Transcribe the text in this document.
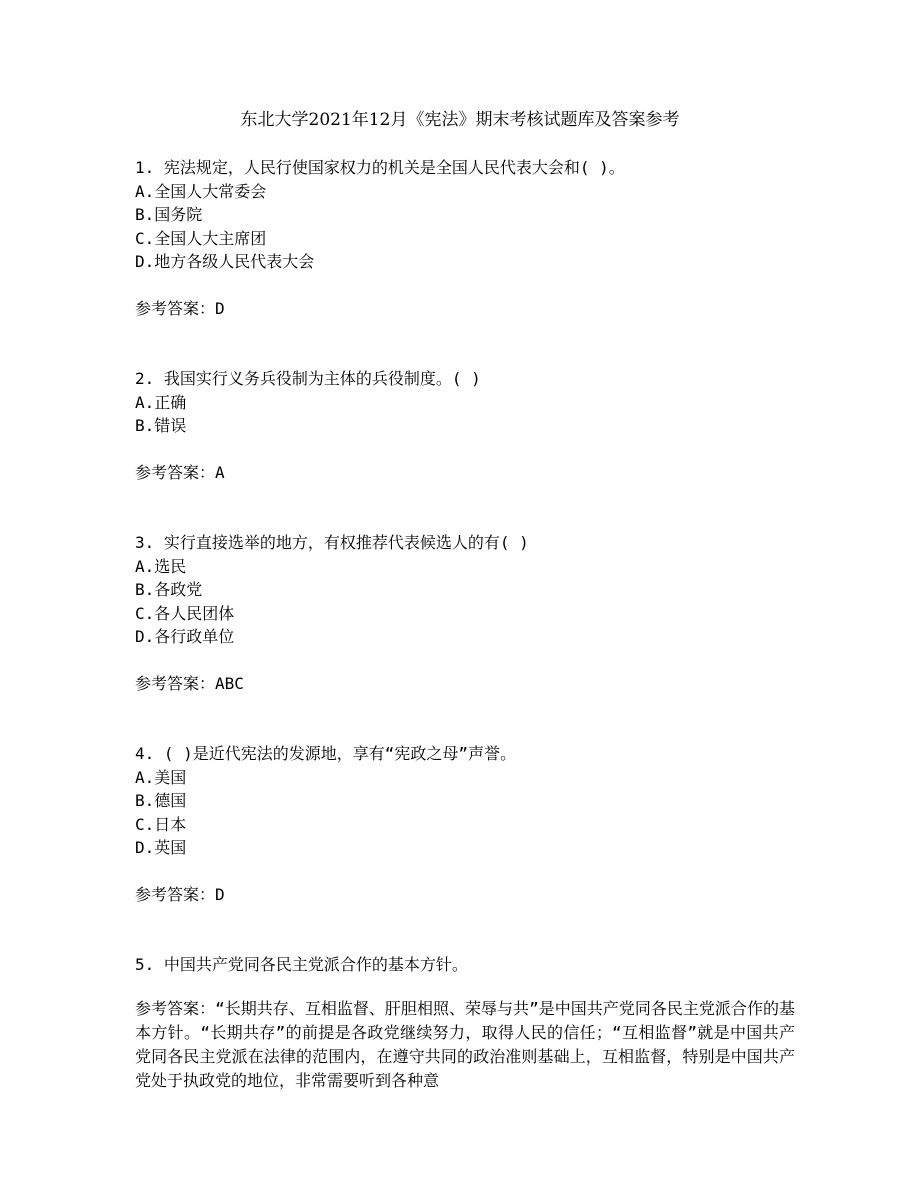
东北大学2021年12月《宪法》期末考核试题库及答案参考
1. 宪法规定，人民行使国家权力的机关是全国人民代表大会和( )。
A.全国人大常委会
B.国务院
C.全国人大主席团
D.地方各级人民代表大会
参考答案：D
2. 我国实行义务兵役制为主体的兵役制度。( )
A.正确
B.错误
参考答案：A
3. 实行直接选举的地方，有权推荐代表候选人的有( )
A.选民
B.各政党
C.各人民团体
D.各行政单位
参考答案：ABC
4. ( )是近代宪法的发源地，享有“宪政之母”声誉。
A.美国
B.德国
C.日本
D.英国
参考答案：D
5. 中国共产党同各民主党派合作的基本方针。
参考答案：“长期共存、互相监督、肝胆相照、荣辱与共”是中国共产党同各民主党派合作的基本方针。“长期共存”的前提是各政党继续努力，取得人民的信任；“互相监督”就是中国共产党同各民主党派在法律的范围内，在遵守共同的政治准则基础上，互相监督，特别是中国共产党处于执政党的地位，非常需要听到各种意
